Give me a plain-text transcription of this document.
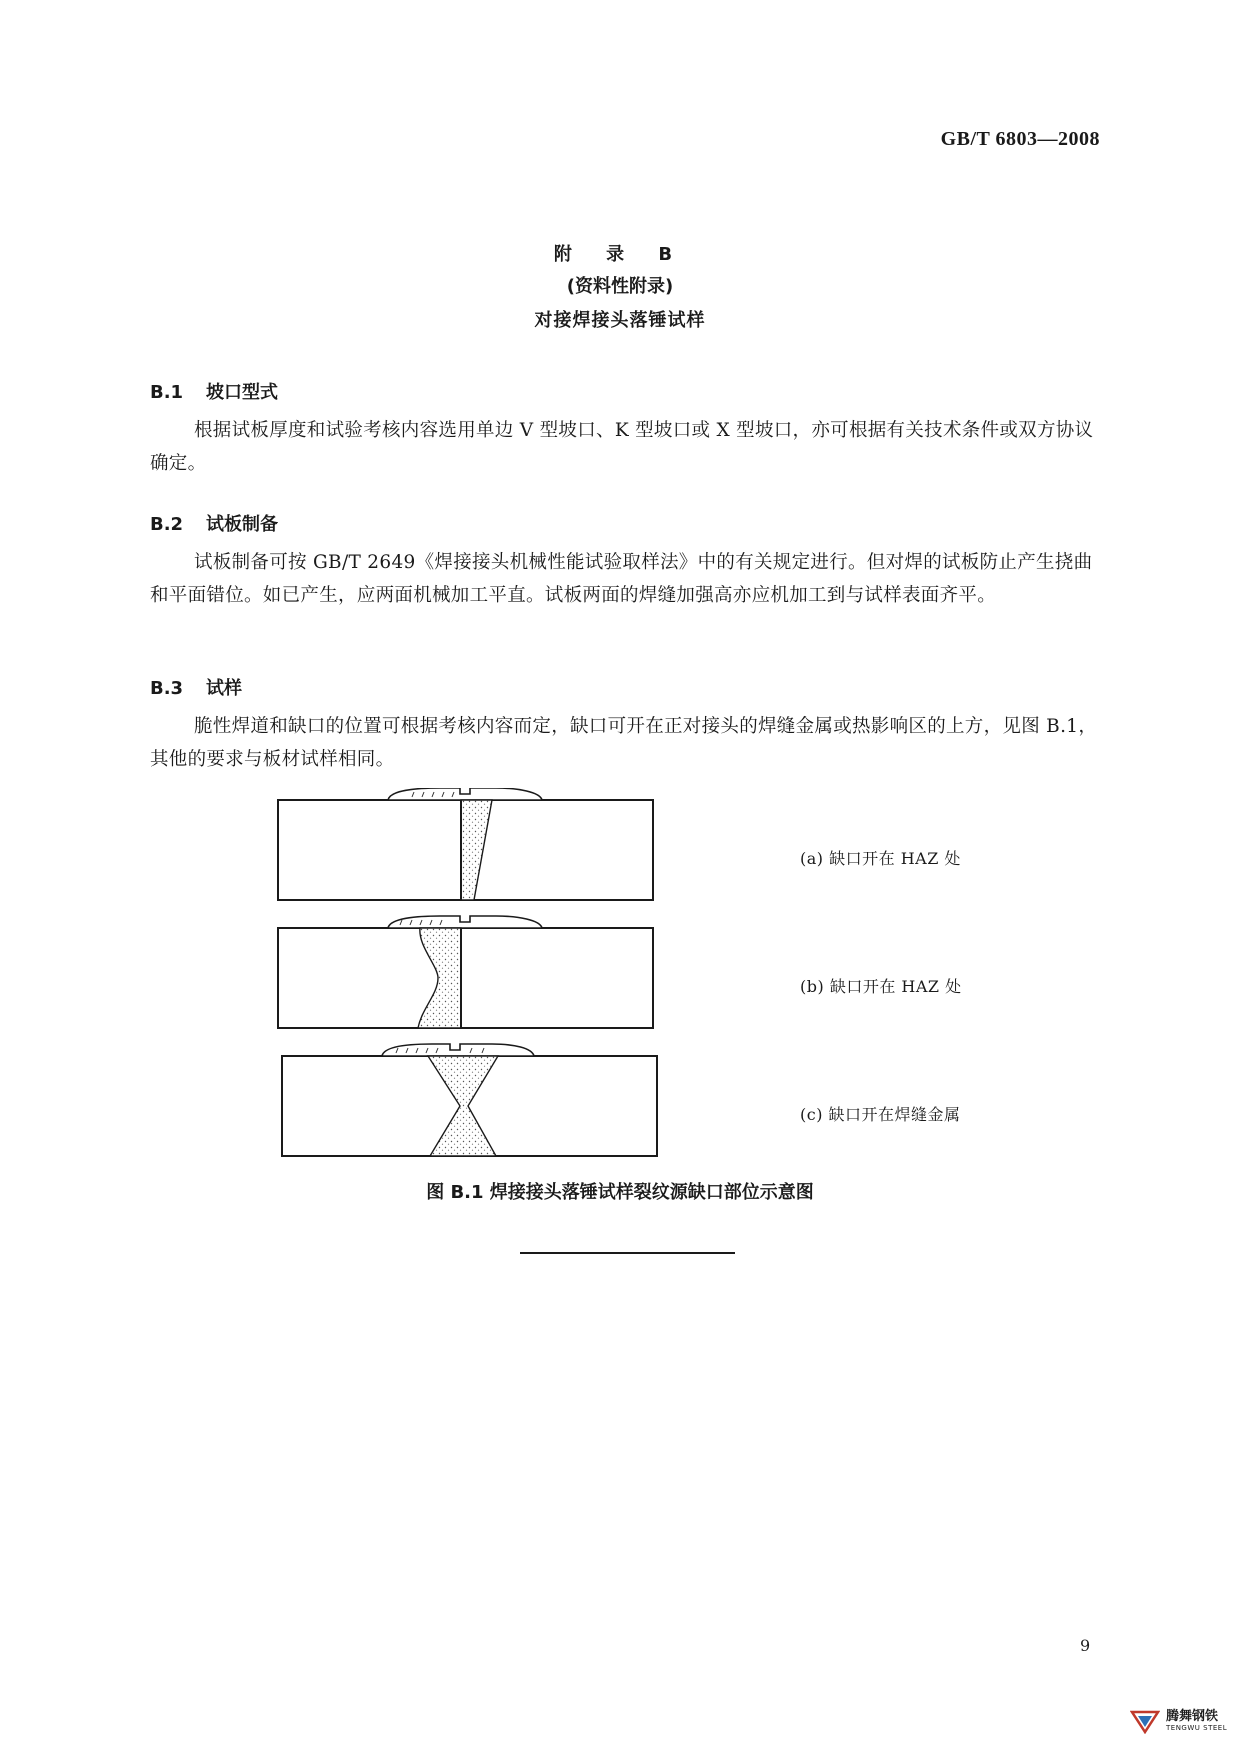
GB/T 6803—2008
附 录 B
(资料性附录)
对接焊接头落锤试样
B.1 坡口型式
根据试板厚度和试验考核内容选用单边 V 型坡口、K 型坡口或 X 型坡口，亦可根据有关技术条件或双方协议确定。
B.2 试板制备
试板制备可按 GB/T 2649《焊接接头机械性能试验取样法》中的有关规定进行。但对焊的试板防止产生挠曲和平面错位。如已产生，应两面机械加工平直。试板两面的焊缝加强高亦应机加工到与试样表面齐平。
B.3 试样
脆性焊道和缺口的位置可根据考核内容而定，缺口可开在正对接头的焊缝金属或热影响区的上方，见图 B.1，其他的要求与板材试样相同。
(a) 缺口开在 HAZ 处
(b) 缺口开在 HAZ 处
(c) 缺口开在焊缝金属
图 B.1 焊接接头落锤试样裂纹源缺口部位示意图
9
腾舞钢铁
TENGWU STEEL
